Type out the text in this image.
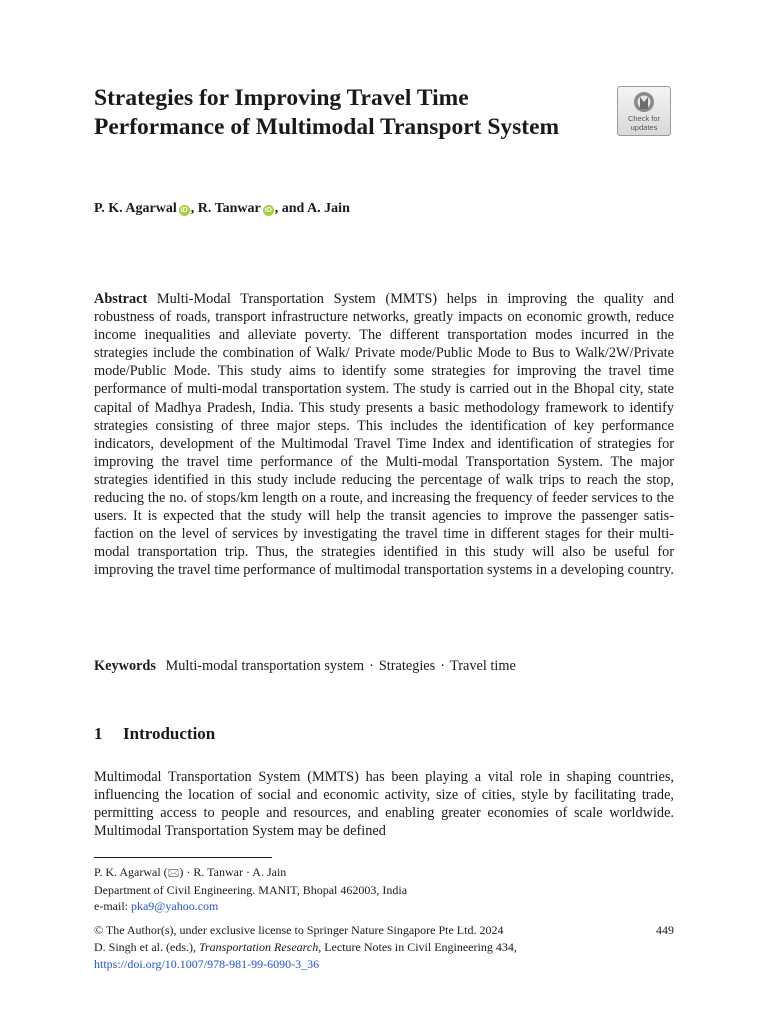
Strategies for Improving Travel Time Performance of Multimodal Transport System	Check for
updates
P. K. Agarwal iD , R. Tanwar iD , and A. Jain

Abstract Multi-Modal Transportation System (MMTS) helps in improving the quality and robustness of roads, transport infrastructure networks, greatly impacts on economic growth, reduce income inequalities and alleviate poverty. The different transportation modes incurred in the strategies include the combination of Walk/ Private mode/Public Mode to Bus to Walk/2W/Private mode/Public Mode. This study aims to identify some strategies for improving the travel time performance of multi-modal transportation system. The study is carried out in the Bhopal city, state capital of Madhya Pradesh, India. This study presents a basic methodology framework to identify strategies consisting of three major steps. This includes the identification of key performance indicators, development of the Multimodal Travel Time Index and identification of strategies for improving the travel time performance of the Multi-modal Transportation System. The major strategies identified in this study include reducing the percentage of walk trips to reach the stop, reducing the no. of stops/km length on a route, and increasing the frequency of feeder services to the users. It is expected that the study will help the transit agencies to improve the passenger satis-faction on the level of services by investigating the travel time in different stages for their multi-modal transportation trip. Thus, the strategies identified in this study will also be useful for improving the travel time performance of multimodal transportation systems in a developing country.

Keywords Multi-modal transportation system · Strategies · Travel time
1 Introduction

Multimodal Transportation System (MMTS) has been playing a vital role in shaping countries, influencing the location of social and economic activity, size of cities, style by facilitating trade, permitting access to people and resources, and enabling greater economies of scale worldwide. Multimodal Transportation System may be defined

P. K. Agarwal (🖂) · R. Tanwar · A. Jain
Department of Civil Engineering. MANIT, Bhopal 462003, India
e-mail: pka9@yahoo.com
© The Author(s), under exclusive license to Springer Nature Singapore Pte Ltd. 2024
D. Singh et al. (eds.), Transportation Research, Lecture Notes in Civil Engineering 434,
https://doi.org/10.1007/978-981-99-6090-3_36
449
